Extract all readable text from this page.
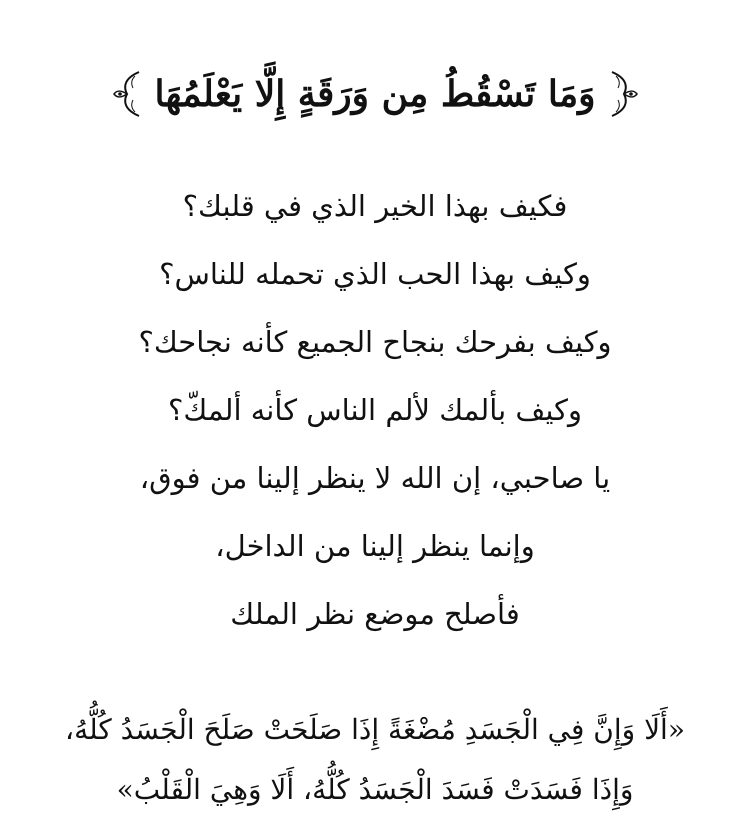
وَمَا تَسْقُطُ مِن وَرَقَةٍ إِلَّا يَعْلَمُهَا
فكيف بهذا الخير الذي في قلبك؟
وكيف بهذا الحب الذي تحمله للناس؟
وكيف بفرحك بنجاح الجميع كأنه نجاحك؟
وكيف بألمك لألم الناس كأنه ألمكّ؟
يا صاحبي، إن الله لا ينظر إلينا من فوق،
وإنما ينظر إلينا من الداخل،
فأصلح موضع نظر الملك
«أَلَا وَإِنَّ فِي الْجَسَدِ مُضْغَةً إِذَا صَلَحَتْ صَلَحَ الْجَسَدُ كُلُّهُ،
وَإِذَا فَسَدَتْ فَسَدَ الْجَسَدُ كُلُّهُ، أَلَا وَهِيَ الْقَلْبُ»
